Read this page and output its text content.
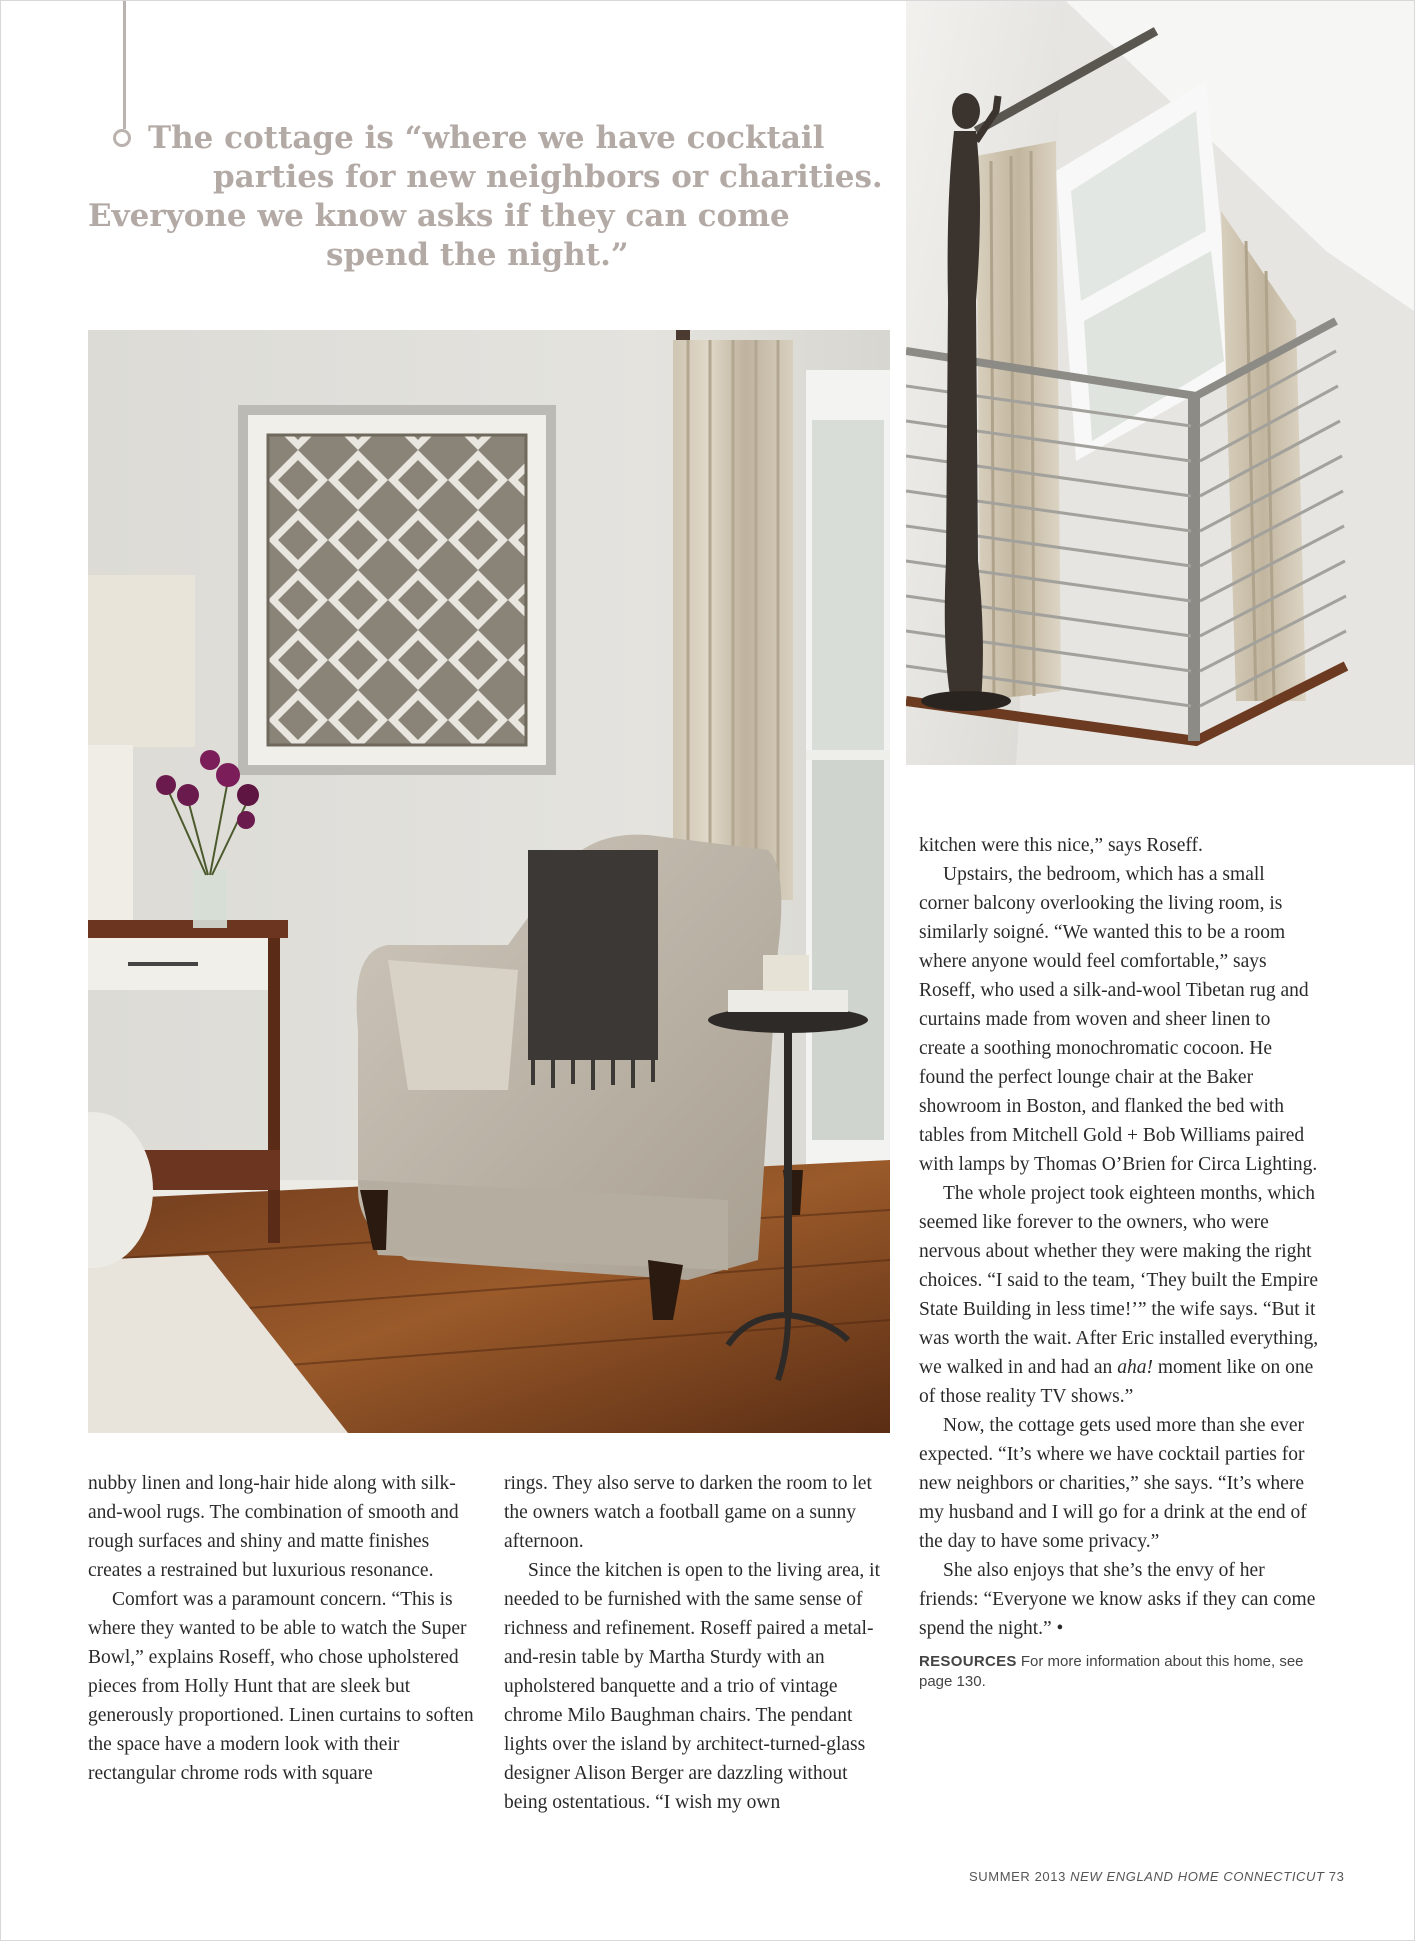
The cottage is “where we have cocktail
parties for new neighbors or charities.
Everyone we know asks if they can come
spend the night.”

nubby linen and long-hair hide along with silk-and-wool rugs. The combination of smooth and rough surfaces and shiny and matte finishes creates a restrained but luxurious resonance.

Comfort was a paramount concern. “This is where they wanted to be able to watch the Super Bowl,” explains Roseff, who chose upholstered pieces from Holly Hunt that are sleek but generously proportioned. Linen curtains to soften the space have a modern look with their rectangular chrome rods with square

rings. They also serve to darken the room to let the owners watch a football game on a sunny afternoon.

Since the kitchen is open to the living area, it needed to be furnished with the same sense of richness and refinement. Roseff paired a metal-and-resin table by Martha Sturdy with an upholstered banquette and a trio of vintage chrome Milo Baughman chairs. The pendant lights over the island by architect-turned-glass designer Alison Berger are dazzling without being ostentatious. “I wish my own

kitchen were this nice,” says Roseff.

Upstairs, the bedroom, which has a small corner balcony overlooking the living room, is similarly soigné. “We wanted this to be a room where anyone would feel comfortable,” says Roseff, who used a silk-and-wool Tibetan rug and curtains made from woven and sheer linen to create a soothing monochromatic cocoon. He found the perfect lounge chair at the Baker showroom in Boston, and flanked the bed with tables from Mitchell Gold + Bob Williams paired with lamps by Thomas O’Brien for Circa Lighting.

The whole project took eighteen months, which seemed like forever to the owners, who were nervous about whether they were making the right choices. “I said to the team, ‘They built the Empire State Building in less time!’” the wife says. “But it was worth the wait. After Eric installed everything, we walked in and had an aha! moment like on one of those reality TV shows.”

Now, the cottage gets used more than she ever expected. “It’s where we have cocktail parties for new neighbors or charities,” she says. “It’s where my husband and I will go for a drink at the end of the day to have some privacy.”

She also enjoys that she’s the envy of her friends: “Everyone we know asks if they can come spend the night.” •

RESOURCES For more information about this home, see page 130.

SUMMER 2013 NEW ENGLAND HOME CONNECTICUT 73
